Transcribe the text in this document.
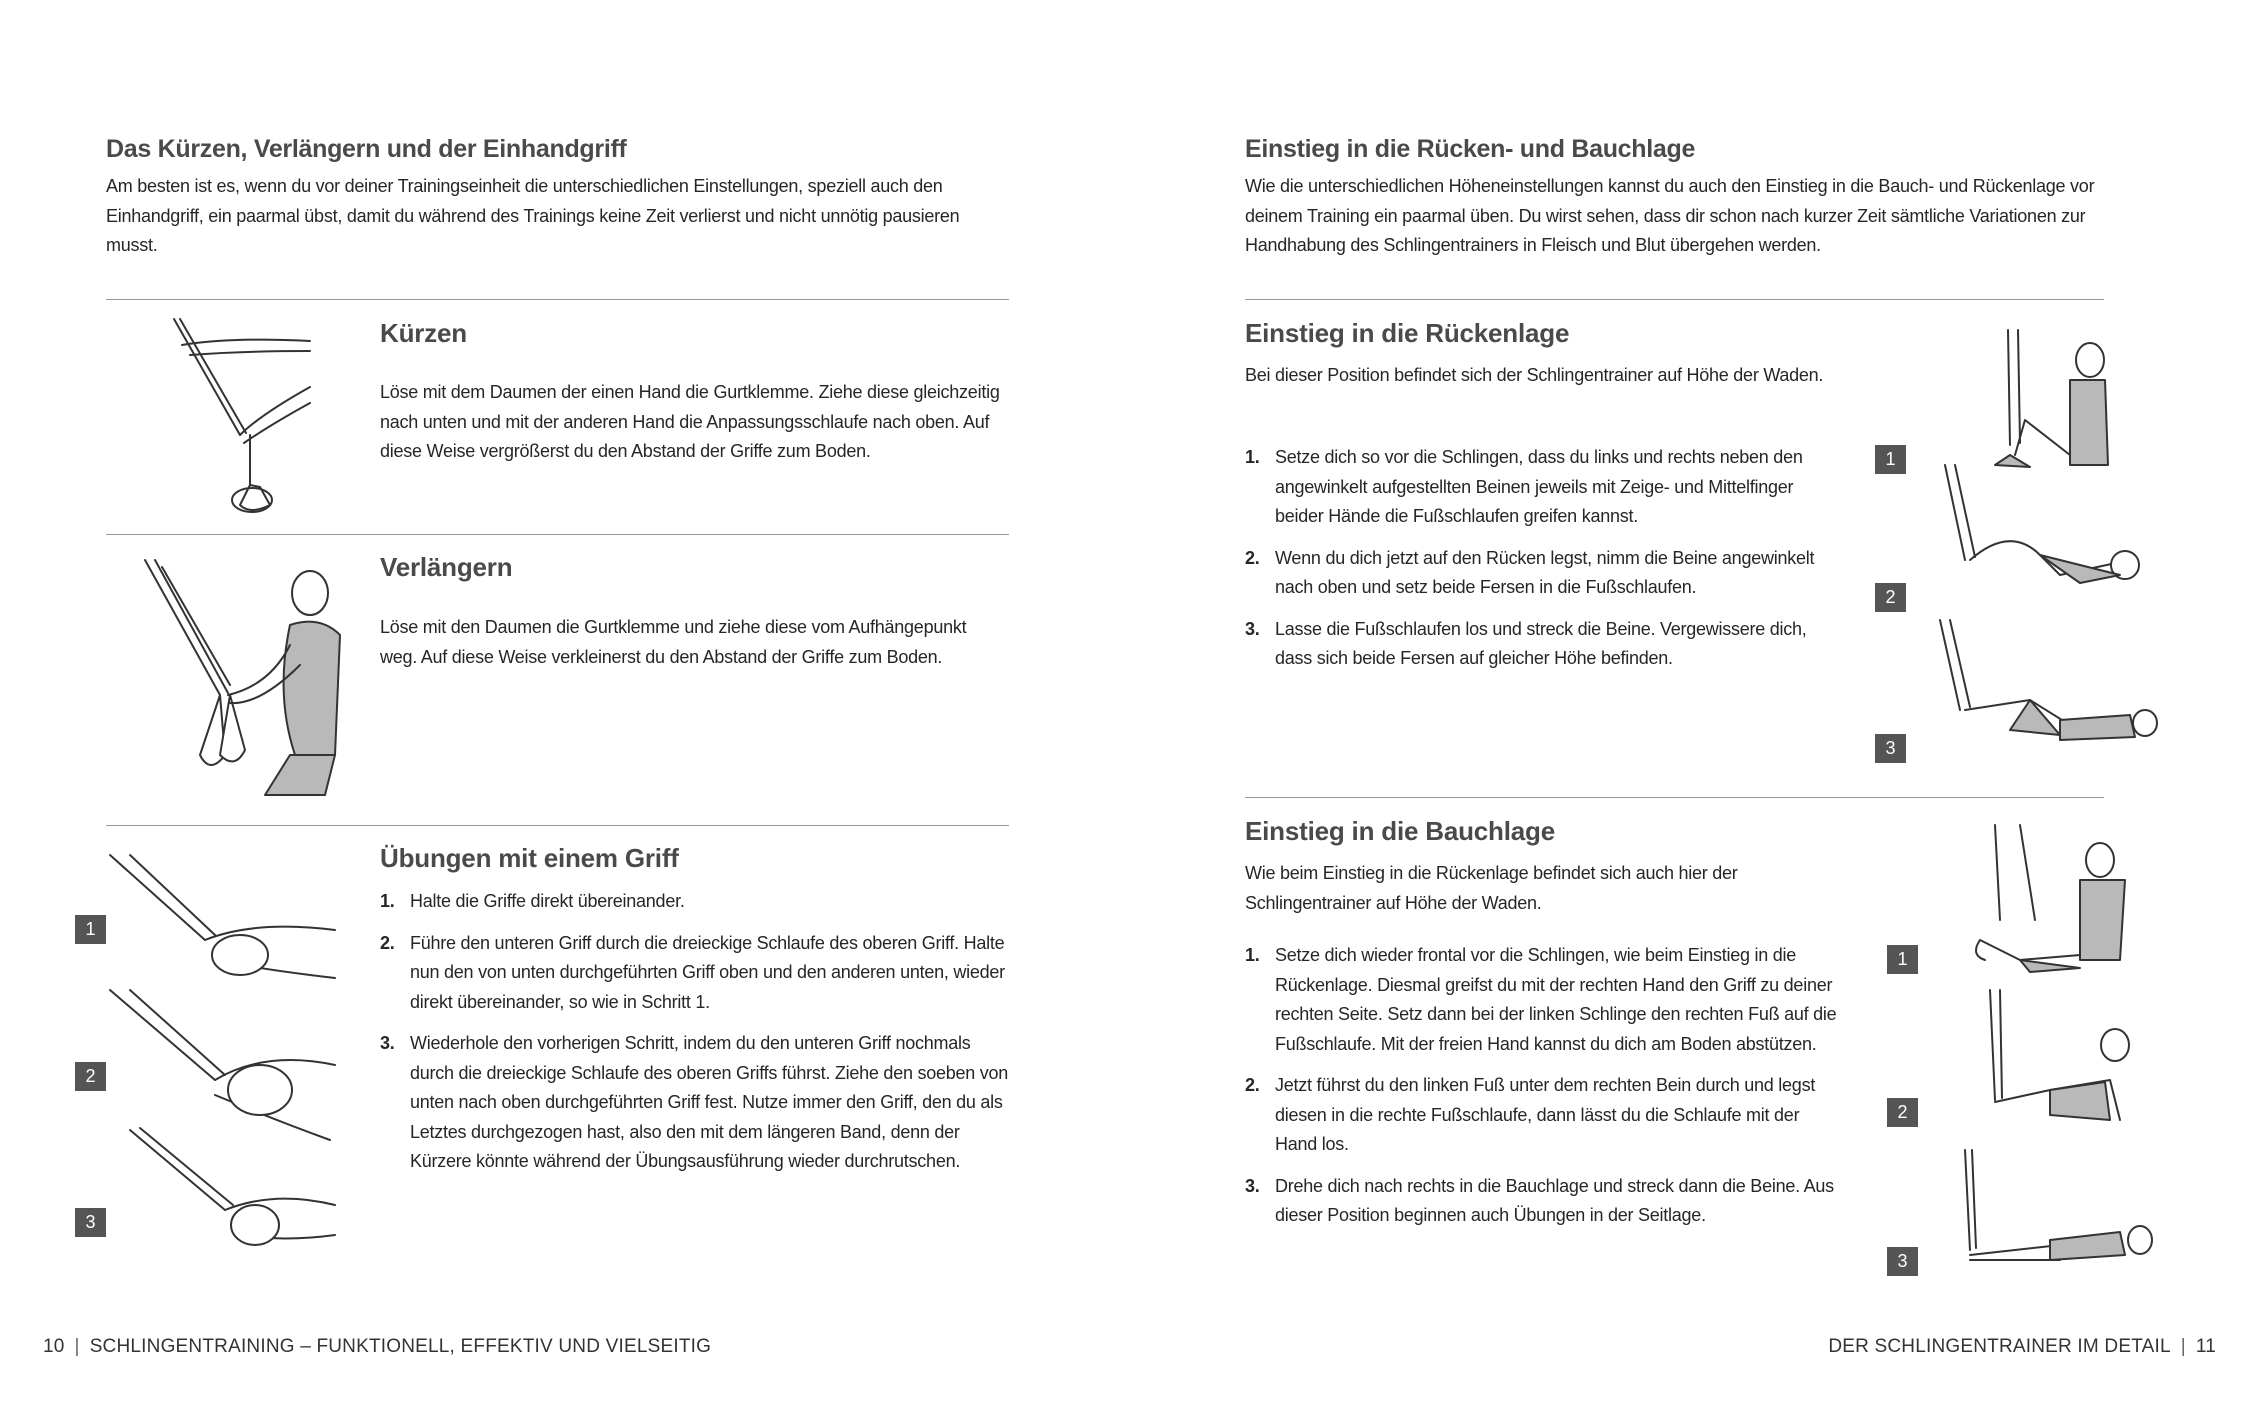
Das Kürzen, Verlängern und der Einhandgriff

Am besten ist es, wenn du vor deiner Trainingseinheit die unterschiedlichen Einstellungen, speziell auch den Einhandgriff, ein paarmal übst, damit du während des Trainings keine Zeit verlierst und nicht unnötig pausieren musst.

Kürzen

Löse mit dem Daumen der einen Hand die Gurtklemme. Ziehe diese gleichzeitig nach unten und mit der anderen Hand die Anpassungsschlaufe nach oben. Auf diese Weise vergrößerst du den Abstand der Griffe zum Boden.

Verlängern

Löse mit den Daumen die Gurtklemme und ziehe diese vom Aufhängepunkt weg. Auf diese Weise verkleinerst du den Abstand der Griffe zum Boden.

1
2
3
Übungen mit einem Griff
1. Halte die Griffe direkt übereinander.
2. Führe den unteren Griff durch die dreieckige Schlaufe des oberen Griff. Halte nun den von unten durchgeführten Griff oben und den anderen unten, wieder direkt übereinander, so wie in Schritt 1.
3. Wiederhole den vorherigen Schritt, indem du den unteren Griff nochmals durch die dreieckige Schlaufe des oberen Griffs führst. Ziehe den soeben von unten nach oben durchgeführten Griff fest. Nutze immer den Griff, den du als Letztes durchgezogen hast, also den mit dem längeren Band, denn der Kürzere könnte während der Übungsausführung wieder durchrutschen.
10 | SCHLINGENTRAINING – FUNKTIONELL, EFFEKTIV UND VIELSEITIG
Einstieg in die Rücken- und Bauchlage

Wie die unterschiedlichen Höheneinstellungen kannst du auch den Einstieg in die Bauch- und Rückenlage vor deinem Training ein paarmal üben. Du wirst sehen, dass dir schon nach kurzer Zeit sämtliche Variationen zur Handhabung des Schlingentrainers in Fleisch und Blut übergehen werden.

Einstieg in die Rückenlage

Bei dieser Position befindet sich der Schlingentrainer auf Höhe der Waden.

1. Setze dich so vor die Schlingen, dass du links und rechts neben den angewinkelt aufgestellten Beinen jeweils mit Zeige- und Mittelfinger beider Hände die Fußschlaufen greifen kannst.
2. Wenn du dich jetzt auf den Rücken legst, nimm die Beine angewinkelt nach oben und setz beide Fersen in die Fußschlaufen.
3. Lasse die Fußschlaufen los und streck die Beine. Vergewissere dich, dass sich beide Fersen auf gleicher Höhe befinden.
1
2
3
Einstieg in die Bauchlage

Wie beim Einstieg in die Rückenlage befindet sich auch hier der Schlingentrainer auf Höhe der Waden.

1. Setze dich wieder frontal vor die Schlingen, wie beim Einstieg in die Rückenlage. Diesmal greifst du mit der rechten Hand den Griff zu deiner rechten Seite. Setz dann bei der linken Schlinge den rechten Fuß auf die Fußschlaufe. Mit der freien Hand kannst du dich am Boden abstützen.
2. Jetzt führst du den linken Fuß unter dem rechten Bein durch und legst diesen in die rechte Fußschlaufe, dann lässt du die Schlaufe mit der Hand los.
3. Drehe dich nach rechts in die Bauchlage und streck dann die Beine. Aus dieser Position beginnen auch Übungen in der Seitlage.
1
2
3
DER SCHLINGENTRAINER IM DETAIL | 11
